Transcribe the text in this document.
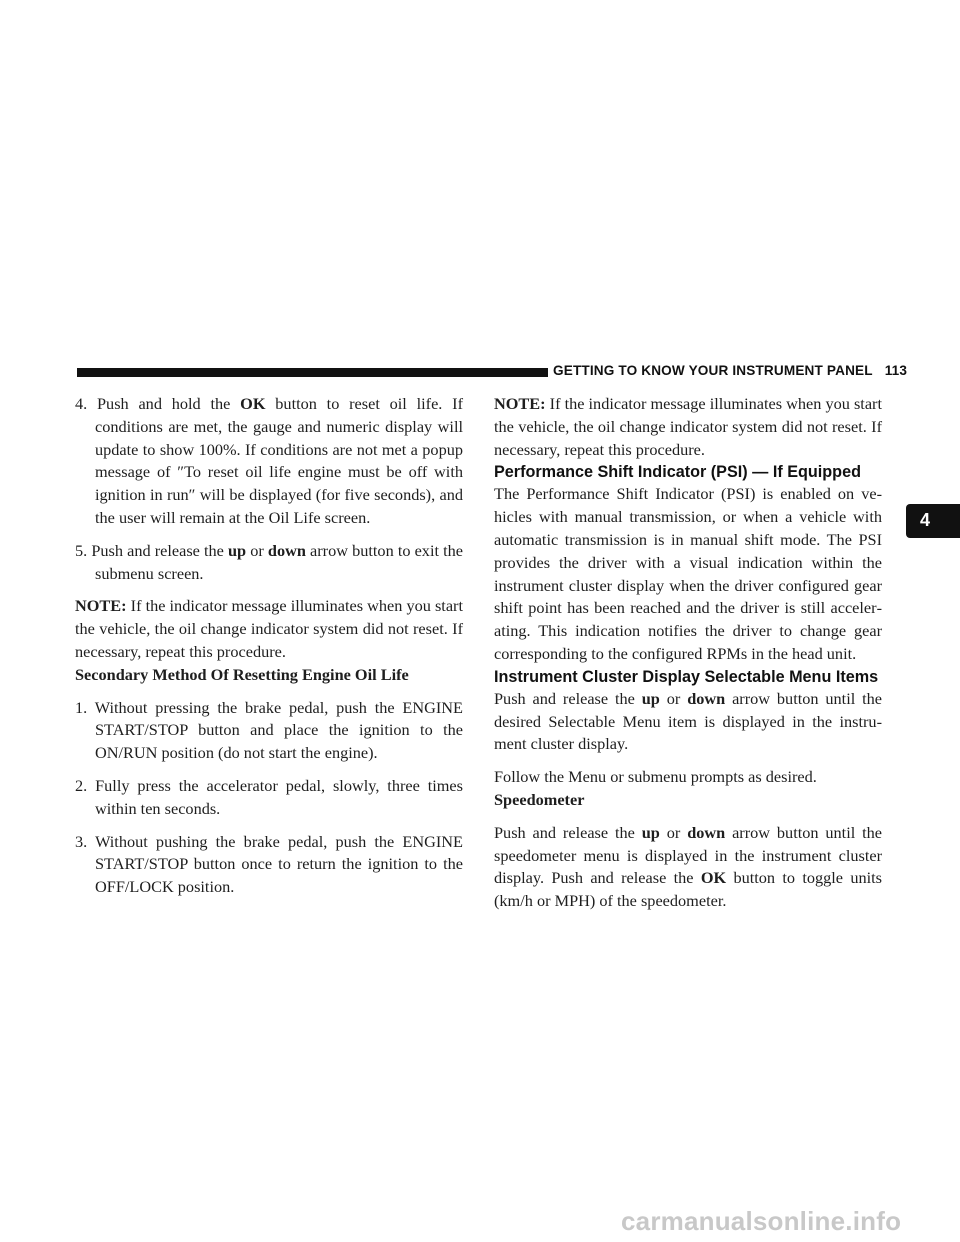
GETTING TO KNOW YOUR INSTRUMENT PANEL 113
4

4. Push and hold the OK button to reset oil life. If conditions are met, the gauge and numeric display will update to show 100%. If conditions are not met a popup message of ″To reset oil life engine must be off with ignition in run″ will be displayed (for five seconds), and the user will remain at the Oil Life screen.

5. Push and release the up or down arrow button to exit the submenu screen.

NOTE: If the indicator message illuminates when you start the vehicle, the oil change indicator system did not reset. If necessary, repeat this procedure.

Secondary Method Of Resetting Engine Oil Life

1. Without pressing the brake pedal, push the ENGINE START/STOP button and place the ignition to the ON/RUN position (do not start the engine).

2. Fully press the accelerator pedal, slowly, three times within ten seconds.

3. Without pushing the brake pedal, push the ENGINE START/STOP button once to return the ignition to the OFF/LOCK position.

NOTE: If the indicator message illuminates when you start the vehicle, the oil change indicator system did not reset. If necessary, repeat this procedure.

Performance Shift Indicator (PSI) — If Equipped

The Performance Shift Indicator (PSI) is enabled on vehicles with manual transmission, or when a vehicle with automatic transmission is in manual shift mode. The PSI provides the driver with a visual indication within the instrument cluster display when the driver configured gear shift point has been reached and the driver is still accelerating. This indication notifies the driver to change gear corresponding to the configured RPMs in the head unit.

Instrument Cluster Display Selectable Menu Items

Push and release the up or down arrow button until the desired Selectable Menu item is displayed in the instrument cluster display.

Follow the Menu or submenu prompts as desired.

Speedometer

Push and release the up or down arrow button until the speedometer menu is displayed in the instrument cluster display. Push and release the OK button to toggle units (km/h or MPH) of the speedometer.

carmanualsonline.info
